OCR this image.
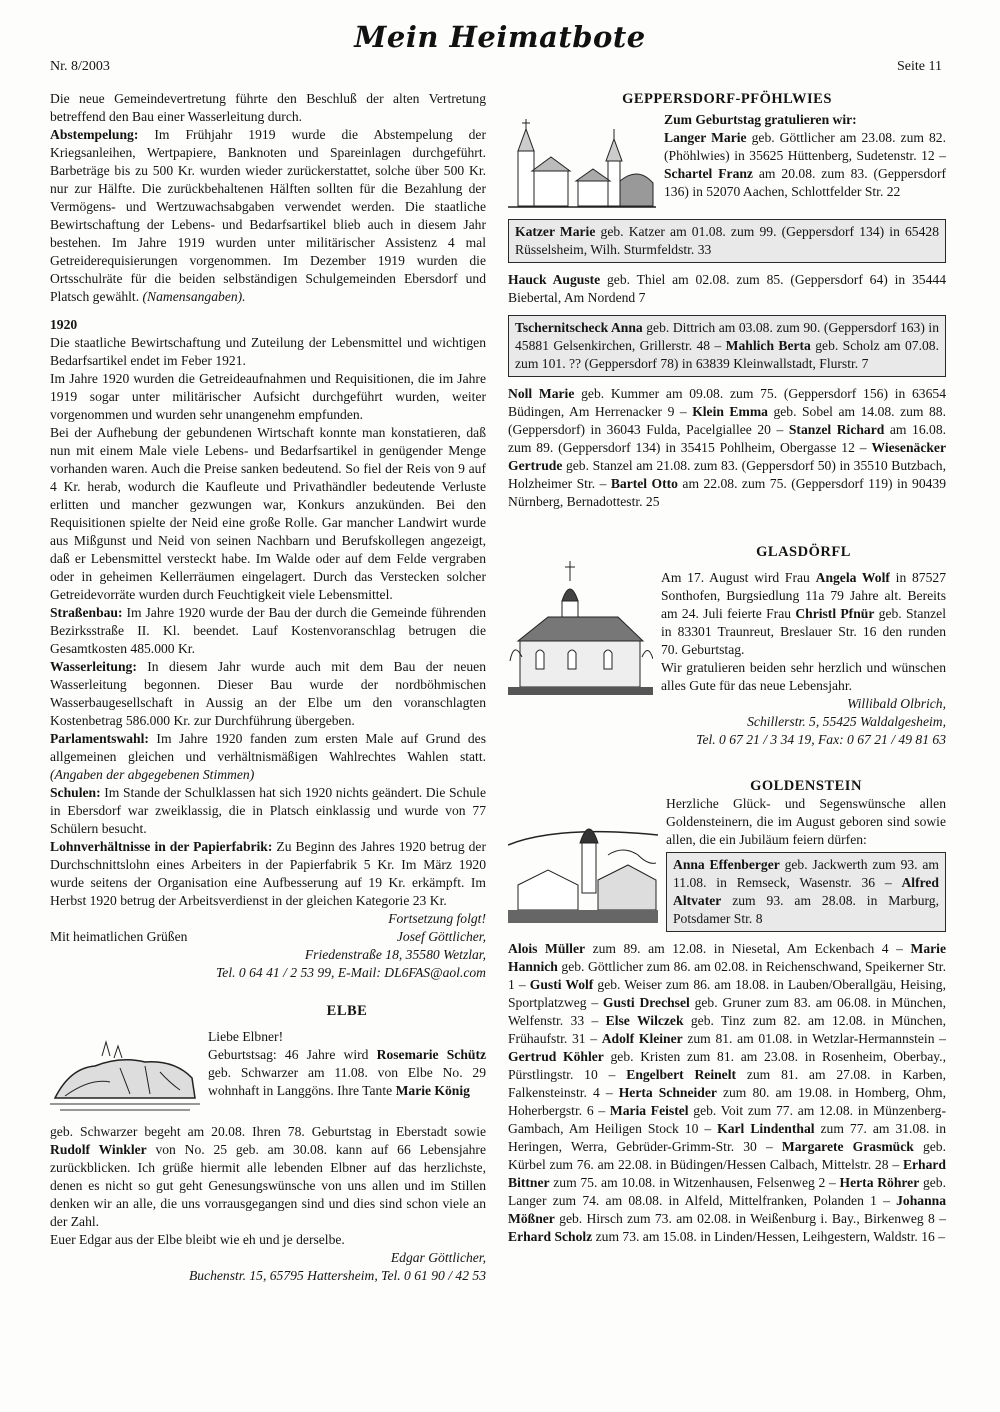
Nr. 8/2003
Mein Heimatbote
Seite 11

Die neue Gemeindevertretung führte den Beschluß der alten Vertretung betreffend den Bau einer Wasserleitung durch.

Abstempelung: Im Frühjahr 1919 wurde die Abstempelung der Kriegsanleihen, Wertpapiere, Banknoten und Spareinlagen durchgeführt. Barbeträge bis zu 500 Kr. wurden wieder zurückerstattet, solche über 500 Kr. nur zur Hälfte. Die zurückbehaltenen Hälften sollten für die Bezahlung der Vermögens- und Wertzuwachsabgaben verwendet werden. Die staatliche Bewirtschaftung der Lebens- und Bedarfsartikel blieb auch in diesem Jahr bestehen. Im Jahre 1919 wurden unter militärischer Assistenz 4 mal Getreiderequisierungen vorgenommen. Im Dezember 1919 wurden die Ortsschulräte für die beiden selbständigen Schulgemeinden Ebersdorf und Platsch gewählt. (Namensangaben).

1920

Die staatliche Bewirtschaftung und Zuteilung der Lebensmittel und wichtigen Bedarfsartikel endet im Feber 1921.

Im Jahre 1920 wurden die Getreideaufnahmen und Requisitionen, die im Jahre 1919 sogar unter militärischer Aufsicht durchgeführt wurden, weiter vorgenommen und wurden sehr unangenehm empfunden.

Bei der Aufhebung der gebundenen Wirtschaft konnte man konstatieren, daß nun mit einem Male viele Lebens- und Bedarfsartikel in genügender Menge vorhanden waren. Auch die Preise sanken bedeutend. So fiel der Reis von 9 auf 4 Kr. herab, wodurch die Kaufleute und Privathändler bedeutende Verluste erlitten und mancher gezwungen war, Konkurs anzukünden. Bei den Requisitionen spielte der Neid eine große Rolle. Gar mancher Landwirt wurde aus Mißgunst und Neid von seinen Nachbarn und Berufskollegen angezeigt, daß er Lebensmittel versteckt habe. Im Walde oder auf dem Felde vergraben oder in geheimen Kellerräumen eingelagert. Durch das Verstecken solcher Getreidevorräte wurden durch Feuchtigkeit viele Lebensmittel.

Straßenbau: Im Jahre 1920 wurde der Bau der durch die Gemeinde führenden Bezirksstraße II. Kl. beendet. Lauf Kostenvoranschlag betrugen die Gesamtkosten 485.000 Kr.

Wasserleitung: In diesem Jahr wurde auch mit dem Bau der neuen Wasserleitung begonnen. Dieser Bau wurde der nordböhmischen Wasserbaugesellschaft in Aussig an der Elbe um den voranschlagten Kostenbetrag 586.000 Kr. zur Durchführung übergeben.

Parlamentswahl: Im Jahre 1920 fanden zum ersten Male auf Grund des allgemeinen gleichen und verhältnismäßigen Wahlrechtes Wahlen statt. (Angaben der abgegebenen Stimmen)

Schulen: Im Stande der Schulklassen hat sich 1920 nichts geändert. Die Schule in Ebersdorf war zweiklassig, die in Platsch einklassig und wurde von 77 Schülern besucht.

Lohnverhältnisse in der Papierfabrik: Zu Beginn des Jahres 1920 betrug der Durchschnittslohn eines Arbeiters in der Papierfabrik 5 Kr. Im März 1920 wurde seitens der Organisation eine Aufbesserung auf 19 Kr. erkämpft. Im Herbst 1920 betrug der Arbeitsverdienst in der gleichen Kategorie 23 Kr.

Fortsetzung folgt!

Mit heimatlichen Grüßen	Josef Göttlicher,

Friedenstraße 18, 35580 Wetzlar,

Tel. 0 64 41 / 2 53 99, E-Mail: DL6FAS@aol.com

ELBE

Liebe Elbner!

Geburtstsag: 46 Jahre wird Rosemarie Schütz geb. Schwarzer am 11.08. von Elbe No. 29 wohnhaft in Langgöns. Ihre Tante Marie König

geb. Schwarzer begeht am 20.08. Ihren 78. Geburtstag in Eberstadt sowie Rudolf Winkler von No. 25 geb. am 30.08. kann auf 66 Lebensjahre zurückblicken. Ich grüße hiermit alle lebenden Elbner auf das herzlichste, denen es nicht so gut geht Genesungswünsche von uns allen und im Stillen denken wir an alle, die uns vorrausgegangen sind und dies sind schon viele an der Zahl.

Euer Edgar aus der Elbe bleibt wie eh und je derselbe.

Edgar Göttlicher,

Buchenstr. 15, 65795 Hattersheim, Tel. 0 61 90 / 42 53

GEPPERSDORF-PFÖHLWIES

Zum Geburtstag gratulieren wir:

Langer Marie geb. Göttlicher am 23.08. zum 82. (Phöhlwies) in 35625 Hüttenberg, Sudetenstr. 12 – Schartel Franz am 20.08. zum 83. (Geppersdorf 136) in 52070 Aachen, Schlottfelder Str. 22

Katzer Marie geb. Katzer am 01.08. zum 99. (Geppersdorf 134) in 65428 Rüsselsheim, Wilh. Sturmfeldstr. 33

Hauck Auguste geb. Thiel am 02.08. zum 85. (Geppersdorf 64) in 35444 Biebertal, Am Nordend 7

Tschernitscheck Anna geb. Dittrich am 03.08. zum 90. (Geppersdorf 163) in 45881 Gelsenkirchen, Grillerstr. 48 – Mahlich Berta geb. Scholz am 07.08. zum 101. ?? (Geppersdorf 78) in 63839 Kleinwallstadt, Flurstr. 7

Noll Marie geb. Kummer am 09.08. zum 75. (Geppersdorf 156) in 63654 Büdingen, Am Herrenacker 9 – Klein Emma geb. Sobel am 14.08. zum 88. (Geppersdorf) in 36043 Fulda, Pacelgiallee 20 – Stanzel Richard am 16.08. zum 89. (Geppersdorf 134) in 35415 Pohlheim, Obergasse 12 – Wiesenäcker Gertrude geb. Stanzel am 21.08. zum 83. (Geppersdorf 50) in 35510 Butzbach, Holzheimer Str. – Bartel Otto am 22.08. zum 75. (Geppersdorf 119) in 90439 Nürnberg, Bernadottestr. 25

GLASDÖRFL

Am 17. August wird Frau Angela Wolf in 87527 Sonthofen, Burgsiedlung 11a 79 Jahre alt. Bereits am 24. Juli feierte Frau Christl Pfnür geb. Stanzel in 83301 Traunreut, Breslauer Str. 16 den runden 70. Geburtstag.

Wir gratulieren beiden sehr herzlich und wünschen alles Gute für das neue Lebensjahr.

Willibald Olbrich,

Schillerstr. 5, 55425 Waldalgesheim,

Tel. 0 67 21 / 3 34 19, Fax: 0 67 21 / 49 81 63

GOLDENSTEIN

Herzliche Glück- und Segenswünsche allen Goldensteinern, die im August geboren sind sowie allen, die ein Jubiläum feiern dürfen:

Anna Effenberger geb. Jackwerth zum 93. am 11.08. in Remseck, Wasenstr. 36 – Alfred Altvater zum 93. am 28.08. in Marburg, Potsdamer Str. 8

Alois Müller zum 89. am 12.08. in Niesetal, Am Eckenbach 4 – Marie Hannich geb. Göttlicher zum 86. am 02.08. in Reichenschwand, Speikerner Str. 1 – Gusti Wolf geb. Weiser zum 86. am 18.08. in Lauben/Oberallgäu, Heising, Sportplatzweg – Gusti Drechsel geb. Gruner zum 83. am 06.08. in München, Welfenstr. 33 – Else Wilczek geb. Tinz zum 82. am 12.08. in München, Frühaufstr. 31 – Adolf Kleiner zum 81. am 01.08. in Wetzlar-Hermannstein – Gertrud Köhler geb. Kristen zum 81. am 23.08. in Rosenheim, Oberbay., Pürstlingstr. 10 – Engelbert Reinelt zum 81. am 27.08. in Karben, Falkensteinstr. 4 – Herta Schneider zum 80. am 19.08. in Homberg, Ohm, Hoherbergstr. 6 – Maria Feistel geb. Voit zum 77. am 12.08. in Münzenberg-Gambach, Am Heiligen Stock 10 – Karl Lindenthal zum 77. am 31.08. in Heringen, Werra, Gebrüder-Grimm-Str. 30 – Margarete Grasmück geb. Kürbel zum 76. am 22.08. in Büdingen/Hessen Calbach, Mittelstr. 28 – Erhard Bittner zum 75. am 10.08. in Witzenhausen, Felsenweg 2 – Herta Röhrer geb. Langer zum 74. am 08.08. in Alfeld, Mittelfranken, Polanden 1 – Johanna Mößner geb. Hirsch zum 73. am 02.08. in Weißenburg i. Bay., Birkenweg 8 – Erhard Scholz zum 73. am 15.08. in Linden/Hessen, Leihgestern, Waldstr. 16 –
